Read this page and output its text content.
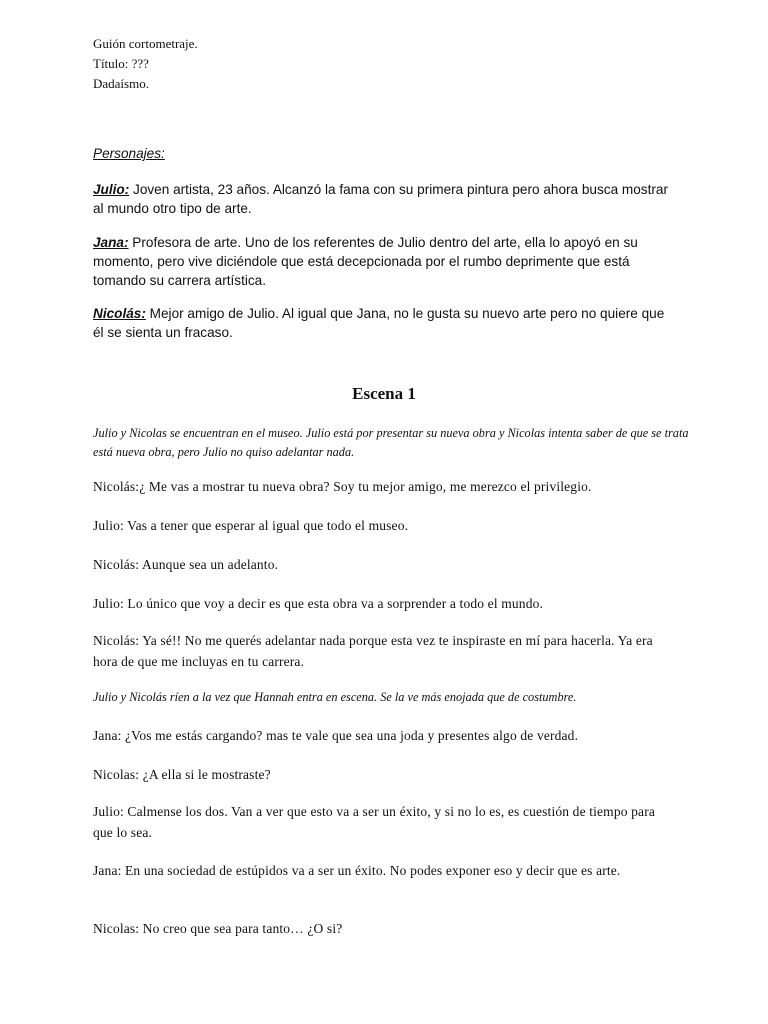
Guión cortometraje.
Título: ???
Dadaísmo.
Personajes:
Julio: Joven artista, 23 años. Alcanzó la fama con su primera pintura pero ahora busca mostrar al mundo otro tipo de arte.
Jana: Profesora de arte. Uno de los referentes de Julio dentro del arte, ella lo apoyó en su momento, pero vive diciéndole que está decepcionada por el rumbo deprimente que está tomando su carrera artística.
Nicolás: Mejor amigo de Julio. Al igual que Jana, no le gusta su nuevo arte pero no quiere que él se sienta un fracaso.
Escena 1
Julio y Nicolas se encuentran en el museo. Julio está por presentar su nueva obra y Nicolas intenta saber de que se trata está nueva obra, pero Julio no quiso adelantar nada.
Nicolás:¿ Me vas a mostrar tu nueva obra? Soy tu mejor amigo, me merezco el privilegio.
Julio: Vas a tener que esperar al igual que todo el museo.
Nicolás: Aunque sea un adelanto.
Julio: Lo único que voy a decir es que esta obra va a sorprender a todo el mundo.
Nicolás: Ya sé!! No me querés adelantar nada porque esta vez te inspiraste en mí para hacerla. Ya era hora de que me incluyas en tu carrera.
Julio y Nicolás ríen a la vez que Hannah entra en escena. Se la ve más enojada que de costumbre.
Jana: ¿Vos me estás cargando? mas te vale que sea una joda y presentes algo de verdad.
Nicolas: ¿A ella si le mostraste?
Julio: Calmense los dos. Van a ver que esto va a ser un éxito, y si no lo es, es cuestión de tiempo para que lo sea.
Jana: En una sociedad de estúpidos va a ser un éxito. No podes exponer eso y decir que es arte.
Nicolas: No creo que sea para tanto… ¿O si?
